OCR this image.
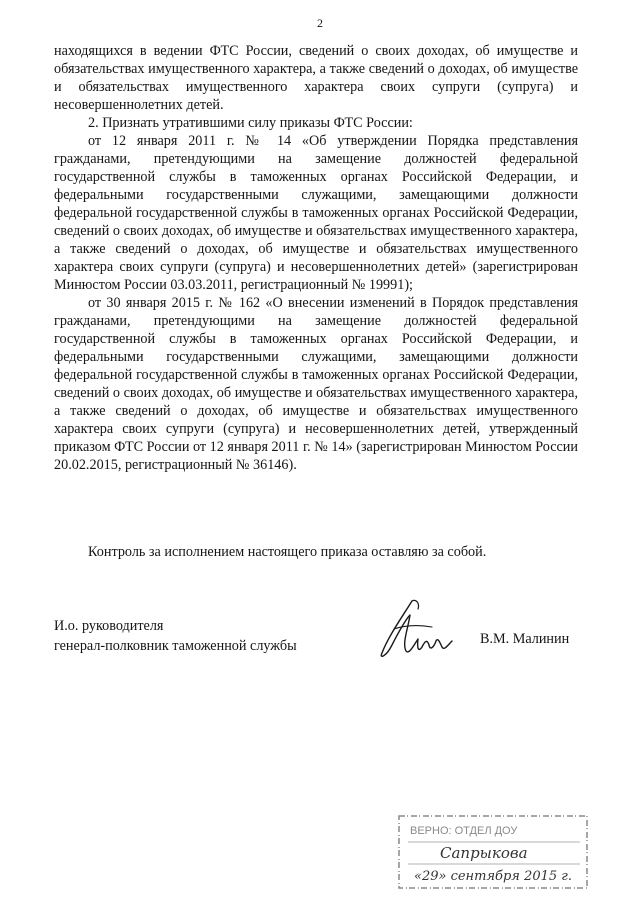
2

находящихся в ведении ФТС России, сведений о своих доходах, об имуществе и обязательствах имущественного характера, а также сведений о доходах, об имуществе и обязательствах имущественного характера своих супруги (супруга) и несовершеннолетних детей.

2. Признать утратившими силу приказы ФТС России:

от 12 января 2011 г. № 14 «Об утверждении Порядка представления гражданами, претендующими на замещение должностей федеральной государственной службы в таможенных органах Российской Федерации, и федеральными государственными служащими, замещающими должности федеральной государственной службы в таможенных органах Российской Федерации, сведений о своих доходах, об имуществе и обязательствах имущественного характера, а также сведений о доходах, об имуществе и обязательствах имущественного характера своих супруги (супруга) и несовершеннолетних детей» (зарегистрирован Минюстом России 03.03.2011, регистрационный № 19991);

от 30 января 2015 г. № 162 «О внесении изменений в Порядок представления гражданами, претендующими на замещение должностей федеральной государственной службы в таможенных органах Российской Федерации, и федеральными государственными служащими, замещающими должности федеральной государственной службы в таможенных органах Российской Федерации, сведений о своих доходах, об имуществе и обязательствах имущественного характера, а также сведений о доходах, об имуществе и обязательствах имущественного характера своих супруги (супруга) и несовершеннолетних детей, утвержденный приказом ФТС России от 12 января 2011 г. № 14» (зарегистрирован Минюстом России 20.02.2015, регистрационный № 36146).

Контроль за исполнением настоящего приказа оставляю за собой.
И.о. руководителя
генерал-полковник таможенной службы	В.М. Малинин
ВЕРНО: ОТДЕЛ ДОУ
Сапрыкова
«29» сентября 2015 г.
